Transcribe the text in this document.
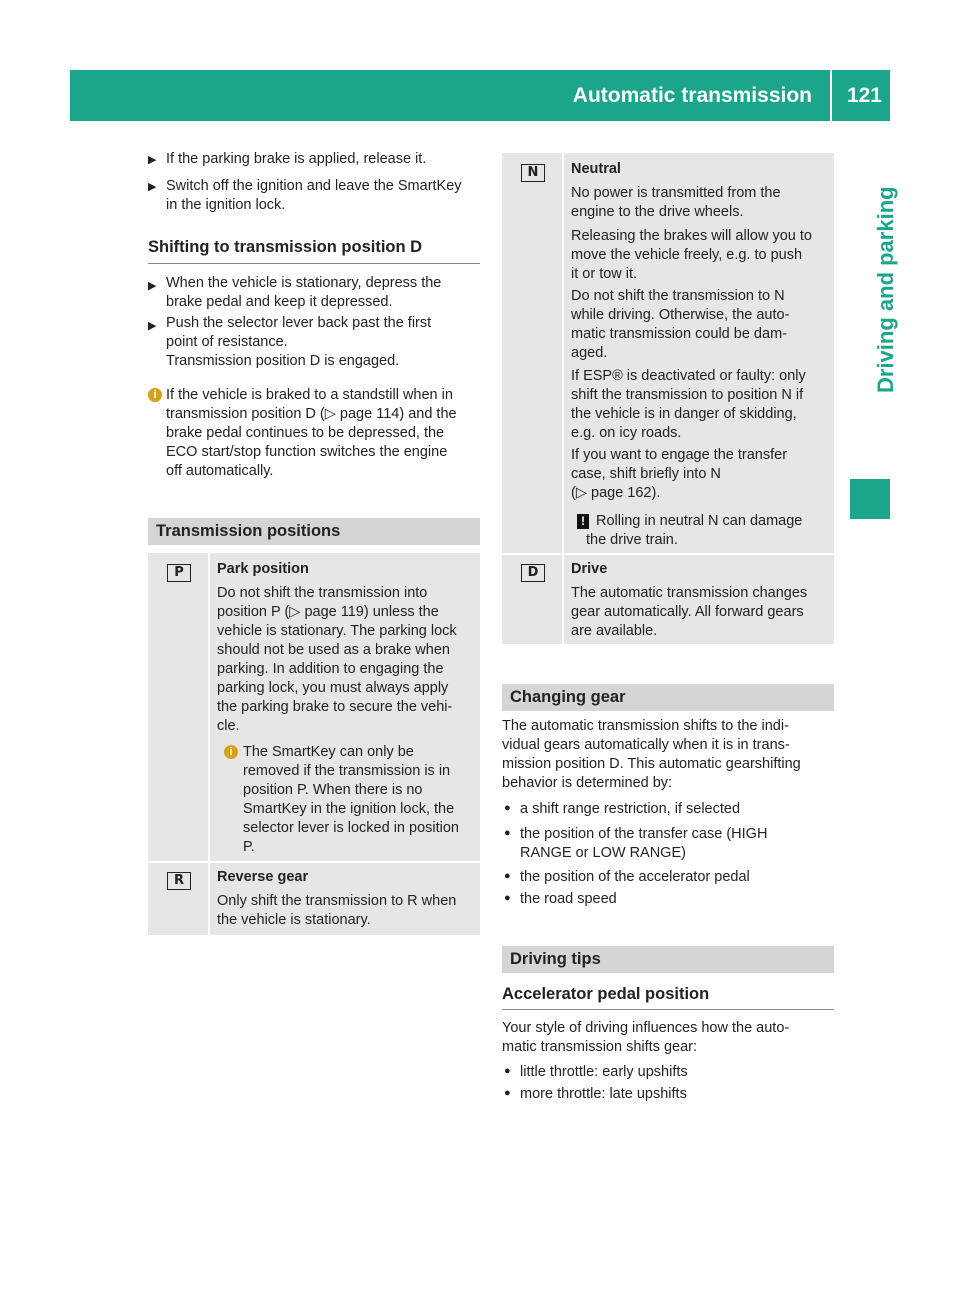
Automatic transmission 121
Driving and parking
▶ If the parking brake is applied, release it.
▶ Switch off the ignition and leave the SmartKey
in the ignition lock.
Shifting to transmission position D
▶ When the vehicle is stationary, depress the
brake pedal and keep it depressed.
▶ Push the selector lever back past the first
point of resistance.
Transmission position D is engaged.
i If the vehicle is braked to a standstill when in
transmission position D (▷ page 114) and the
brake pedal continues to be depressed, the
ECO start/stop function switches the engine
off automatically.
Transmission positions
P	Park position
Do not shift the transmission into
position P (▷ page 119) unless the
vehicle is stationary. The parking lock
should not be used as a brake when
parking. In addition to engaging the
parking lock, you must always apply
the parking brake to secure the vehi-
cle.
i The SmartKey can only be
removed if the transmission is in
position P. When there is no
SmartKey in the ignition lock, the
selector lever is locked in position
P.
R	Reverse gear
Only shift the transmission to R when
the vehicle is stationary.
N	Neutral
No power is transmitted from the
engine to the drive wheels.
Releasing the brakes will allow you to
move the vehicle freely, e.g. to push
it or tow it.
Do not shift the transmission to N
while driving. Otherwise, the auto-
matic transmission could be dam-
aged.
If ESP® is deactivated or faulty: only
shift the transmission to position N if
the vehicle is in danger of skidding,
e.g. on icy roads.
If you want to engage the transfer
case, shift briefly into N
(▷ page 162).
! Rolling in neutral N can damage
the drive train.
D	Drive
The automatic transmission changes
gear automatically. All forward gears
are available.
Changing gear
The automatic transmission shifts to the indi-
vidual gears automatically when it is in trans-
mission position D. This automatic gearshifting
behavior is determined by:
● a shift range restriction, if selected
● the position of the transfer case (HIGH
RANGE or LOW RANGE)
● the position of the accelerator pedal
● the road speed
Driving tips
Accelerator pedal position
Your style of driving influences how the auto-
matic transmission shifts gear:
● little throttle: early upshifts
● more throttle: late upshifts
